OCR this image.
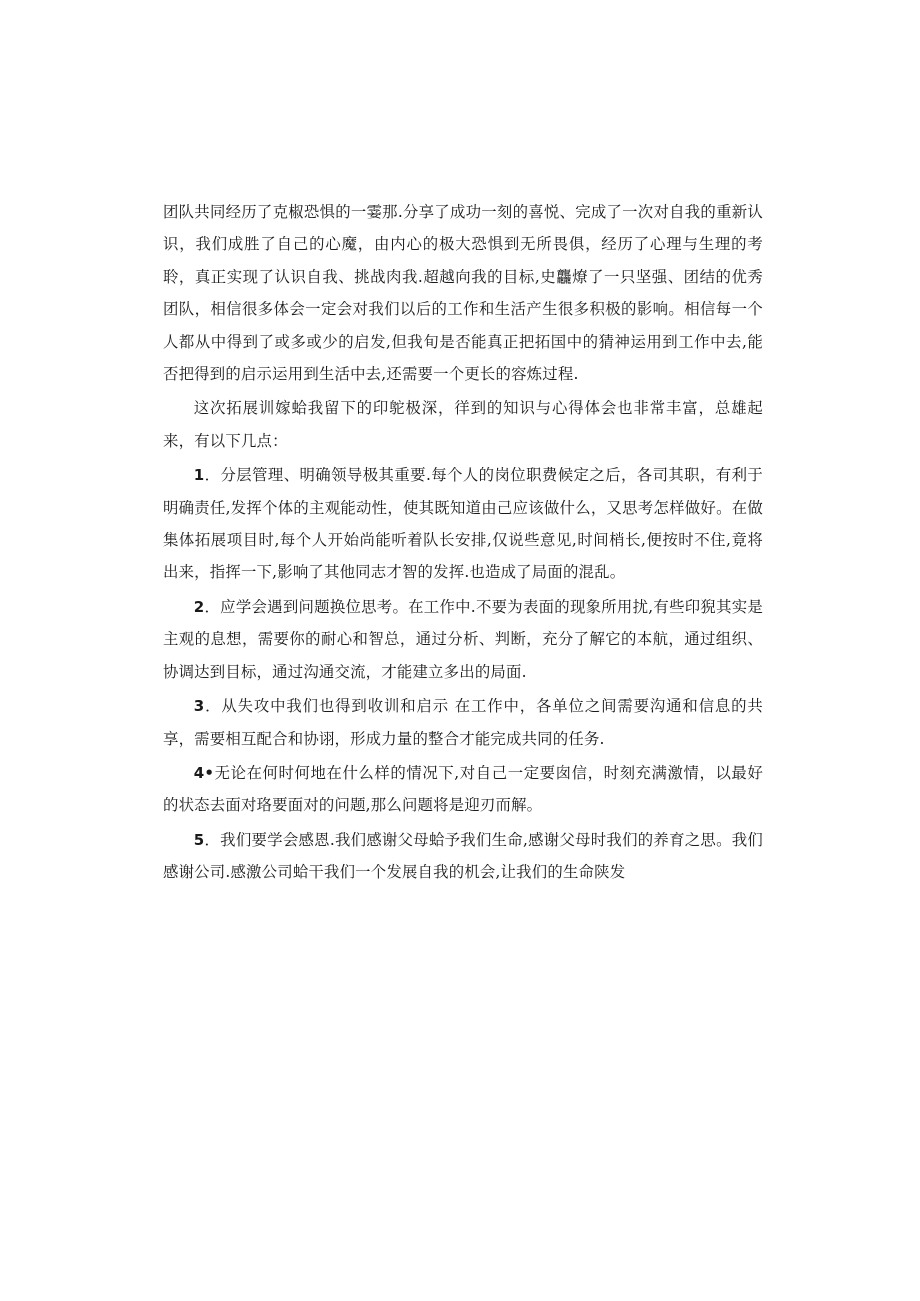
团队共同经历了克椒恐惧的一霎那.分享了成功一刻的喜悦、完成了一次对自我的重新认识，我们成胜了自己的心魔，由内心的极大恐惧到无所畏俱，经历了心理与生理的考聆，真正实现了认识自我、挑战肉我.超越向我的目标,史龘燎了一只坚强、团结的优秀团队，相信很多体会一定会对我们以后的工作和生活产生很多积极的影响。相信每一个人都从中得到了或多或少的启发,但我旬是否能真正把拓国中的猜神运用到工作中去,能否把得到的启示运用到生活中去,还需要一个更长的容炼过程.

这次拓展训嫁蛤我留下的印鸵极深，徉到的知识与心得体会也非常丰富，总雄起来，有以下几点：

1．分层管理、明确领导极其重要.每个人的岗位职费候定之后，各司其职，有利于明确责任,发挥个体的主观能动性，使其既知道由己应该做什么，又思考怎样做好。在做集体拓展项目时,每个人开始尚能听着队长安排,仅说些意见,时间梢长,便按时不住,竟将出来，指挥一下,影响了其他同志才智的发挥.也造成了局面的混乱。

2．应学会遇到问题换位思考。在工作中.不要为表面的现象所用扰,有些印猊其实是主观的息想，需要你的耐心和智总，通过分析、判断，充分了解它的本航，通过组织、协调达到目标，通过沟通交流，才能建立多出的局面.

3．从失攻中我们也得到收训和启示 在工作中，各单位之间需要沟通和信息的共享，需要相互配合和协诩，形成力量的整合才能完成共同的任务.

4•无论在何时何地在什么样的情况下,对自己一定要囱信，时刻充满激情，以最好的状态去面对珞要面对的问题,那么问题将是迎刃而解。

5．我们要学会感恩.我们感谢父母蛤予我们生命,感谢父母时我们的养育之思。我们感谢公司.感激公司蛤干我们一个发展自我的机会,让我们的生命陕发
